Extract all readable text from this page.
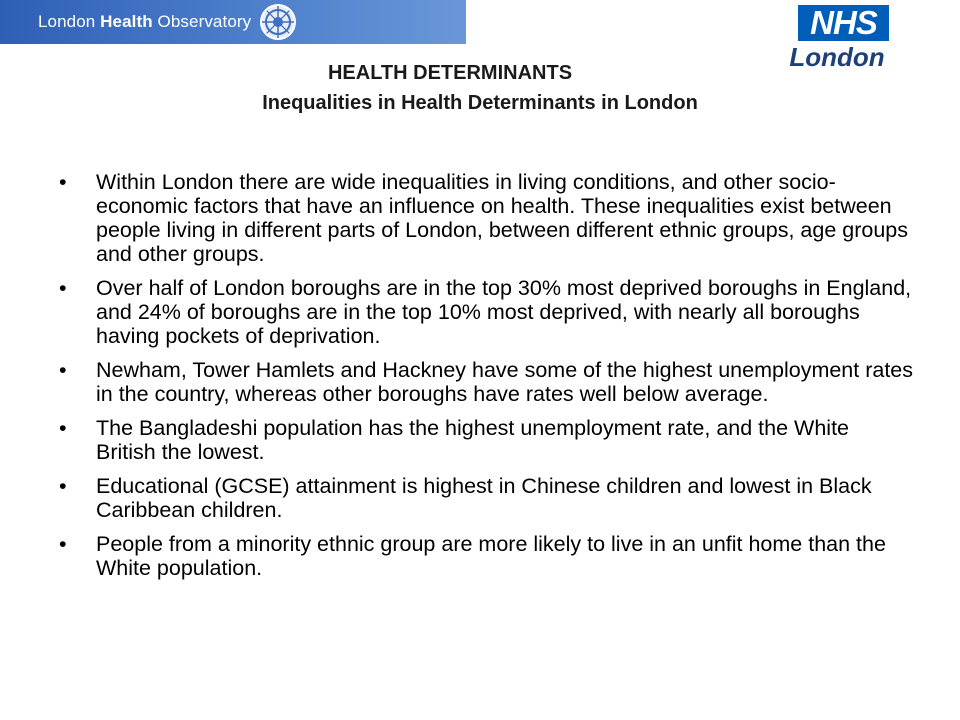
London Health Observatory	NHS
London
HEALTH DETERMINANTS
Inequalities in Health Determinants in London
• Within London there are wide inequalities in living conditions, and other socio-economic factors that have an influence on health. These inequalities exist between people living in different parts of London, between different ethnic groups, age groups and other groups.
• Over half of London boroughs are in the top 30% most deprived boroughs in England, and 24% of boroughs are in the top 10% most deprived, with nearly all boroughs having pockets of deprivation.
• Newham, Tower Hamlets and Hackney have some of the highest unemployment rates in the country, whereas other boroughs have rates well below average.
• The Bangladeshi population has the highest unemployment rate, and the White British the lowest.
• Educational (GCSE) attainment is highest in Chinese children and lowest in Black Caribbean children.
• People from a minority ethnic group are more likely to live in an unfit home than the White population.
